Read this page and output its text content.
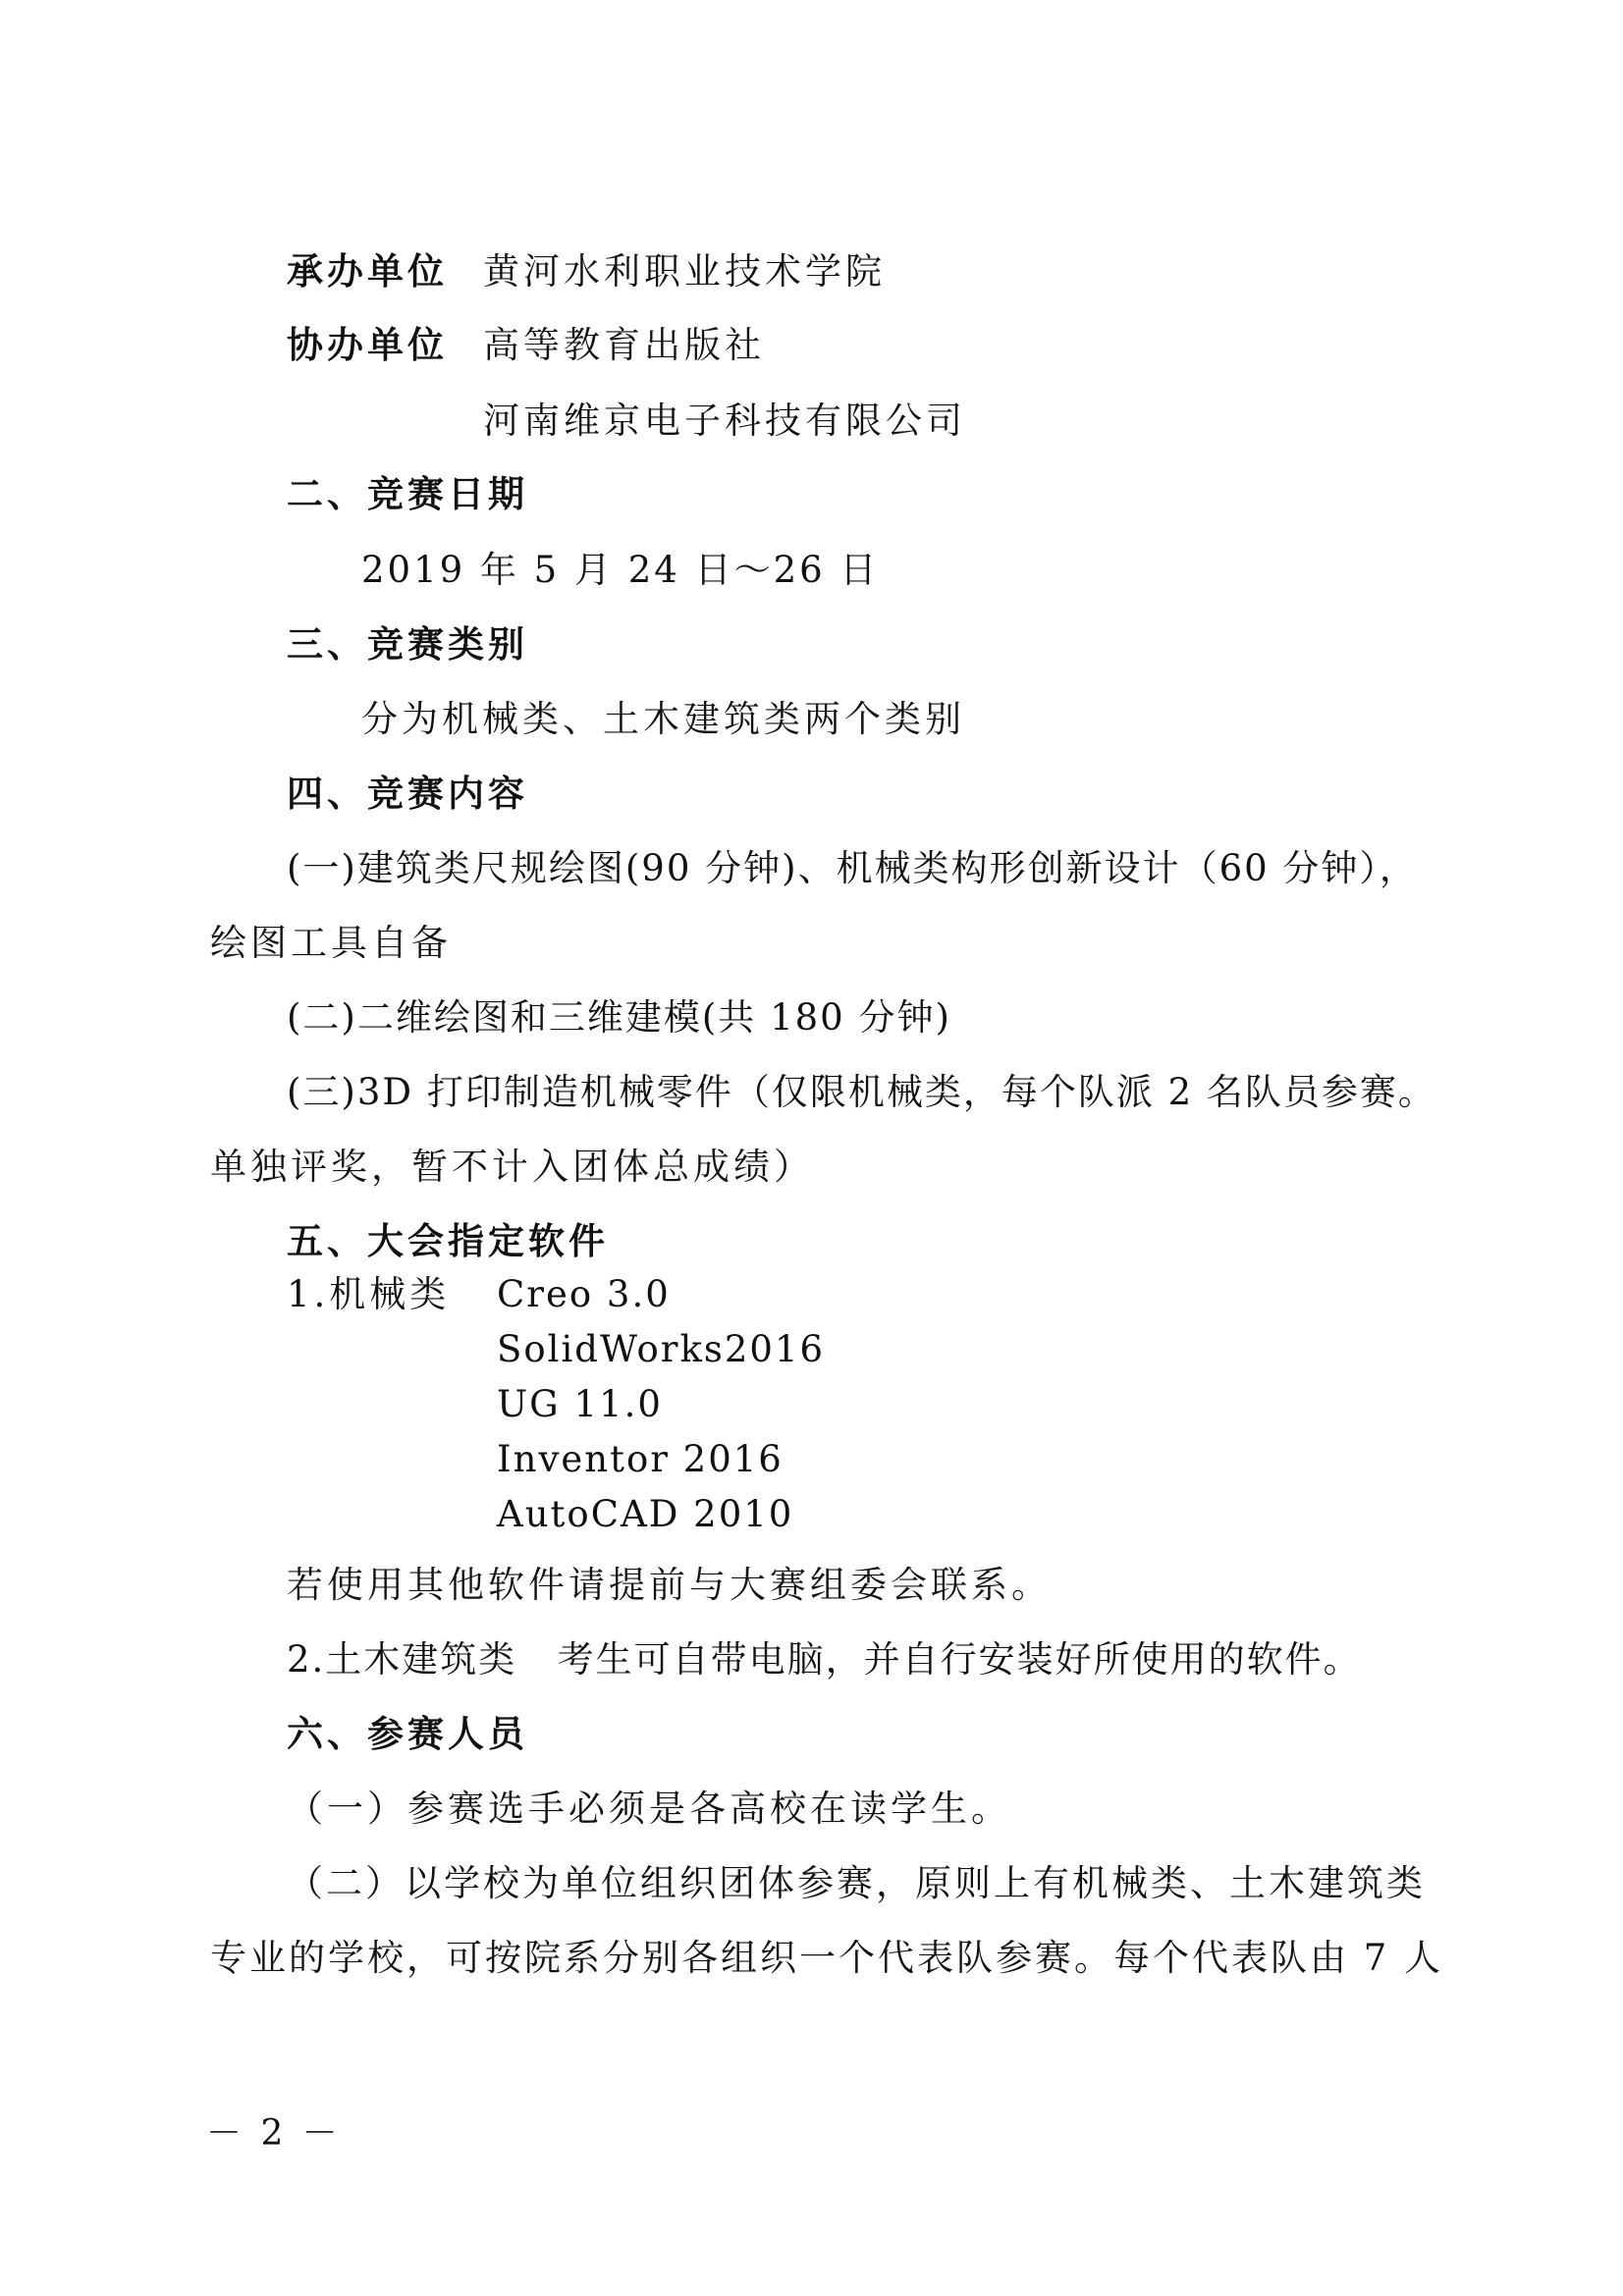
承办单位 黄河水利职业技术学院
协办单位 高等教育出版社
河南维京电子科技有限公司
二、竞赛日期
2019 年 5 月 24 日～26 日
三、竞赛类别
分为机械类、土木建筑类两个类别
四、竞赛内容
(一)建筑类尺规绘图(90 分钟)、机械类构形创新设计（60 分钟），
绘图工具自备
(二)二维绘图和三维建模(共 180 分钟)
(三)3D 打印制造机械零件（仅限机械类，每个队派 2 名队员参赛。
单独评奖，暂不计入团体总成绩）
五、大会指定软件
1.机械类 Creo 3.0
SolidWorks2016
UG 11.0
Inventor 2016
AutoCAD 2010
若使用其他软件请提前与大赛组委会联系。
2.土木建筑类   考生可自带电脑，并自行安装好所使用的软件。
六、参赛人员
（一）参赛选手必须是各高校在读学生。
（二）以学校为单位组织团体参赛，原则上有机械类、土木建筑类
专业的学校，可按院系分别各组织一个代表队参赛。每个代表队由 7 人
－ 2 －
